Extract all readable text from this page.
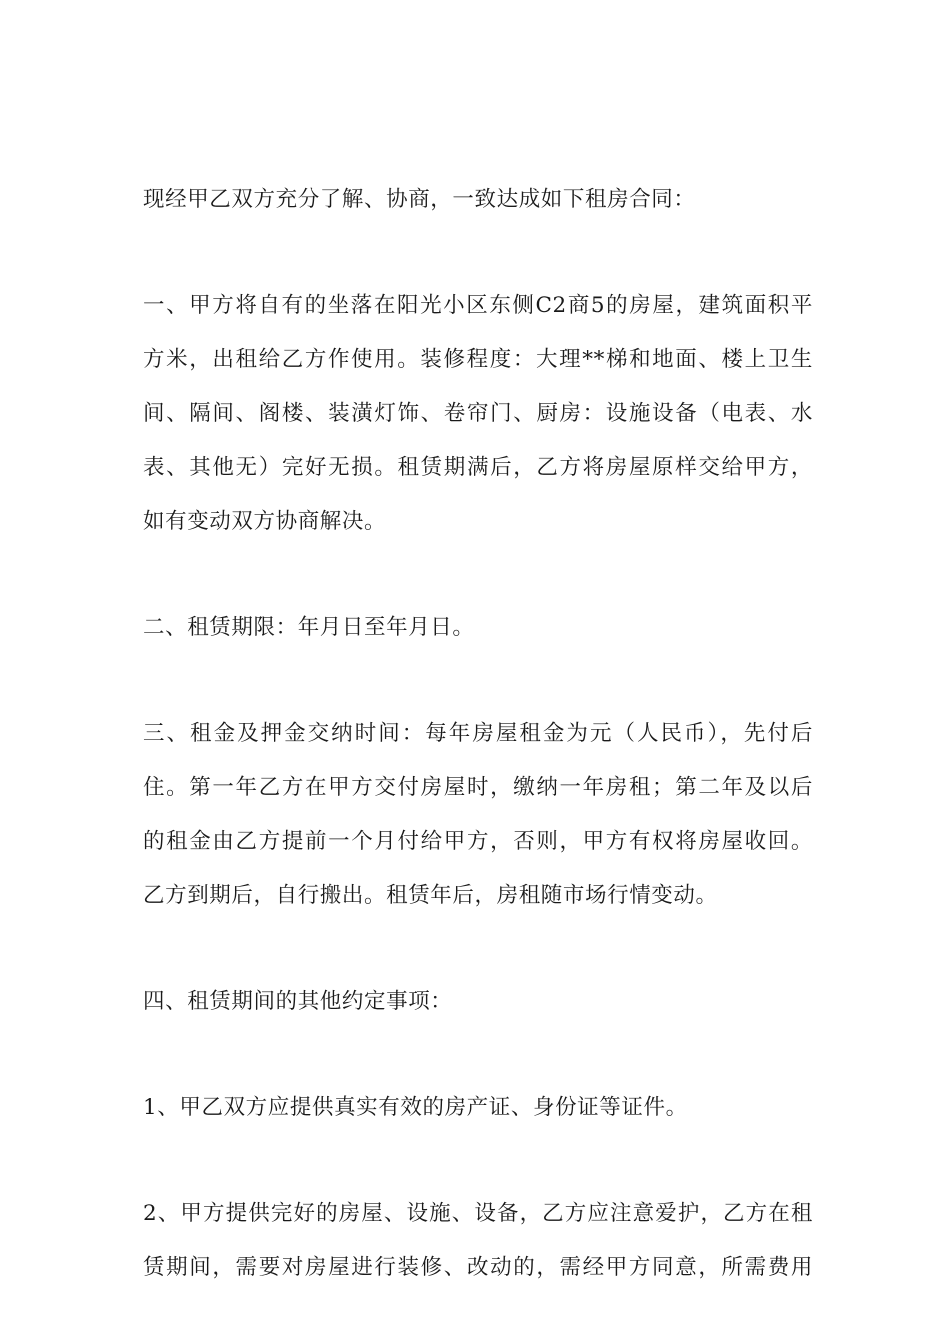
现经甲乙双方充分了解、协商，一致达成如下租房合同：
一、甲方将自有的坐落在阳光小区东侧C2商5的房屋，建筑面积平
方米，出租给乙方作使用。装修程度：大理**梯和地面、楼上卫生
间、隔间、阁楼、装潢灯饰、卷帘门、厨房：设施设备（电表、水
表、其他无）完好无损。租赁期满后，乙方将房屋原样交给甲方，
如有变动双方协商解决。
二、租赁期限：年月日至年月日。
三、租金及押金交纳时间：每年房屋租金为元（人民币），先付后
住。第一年乙方在甲方交付房屋时，缴纳一年房租；第二年及以后
的租金由乙方提前一个月付给甲方，否则，甲方有权将房屋收回。
乙方到期后，自行搬出。租赁年后，房租随市场行情变动。
四、租赁期间的其他约定事项：
1、甲乙双方应提供真实有效的房产证、身份证等证件。
2、甲方提供完好的房屋、设施、设备，乙方应注意爱护，乙方在租
赁期间，需要对房屋进行装修、改动的，需经甲方同意，所需费用
